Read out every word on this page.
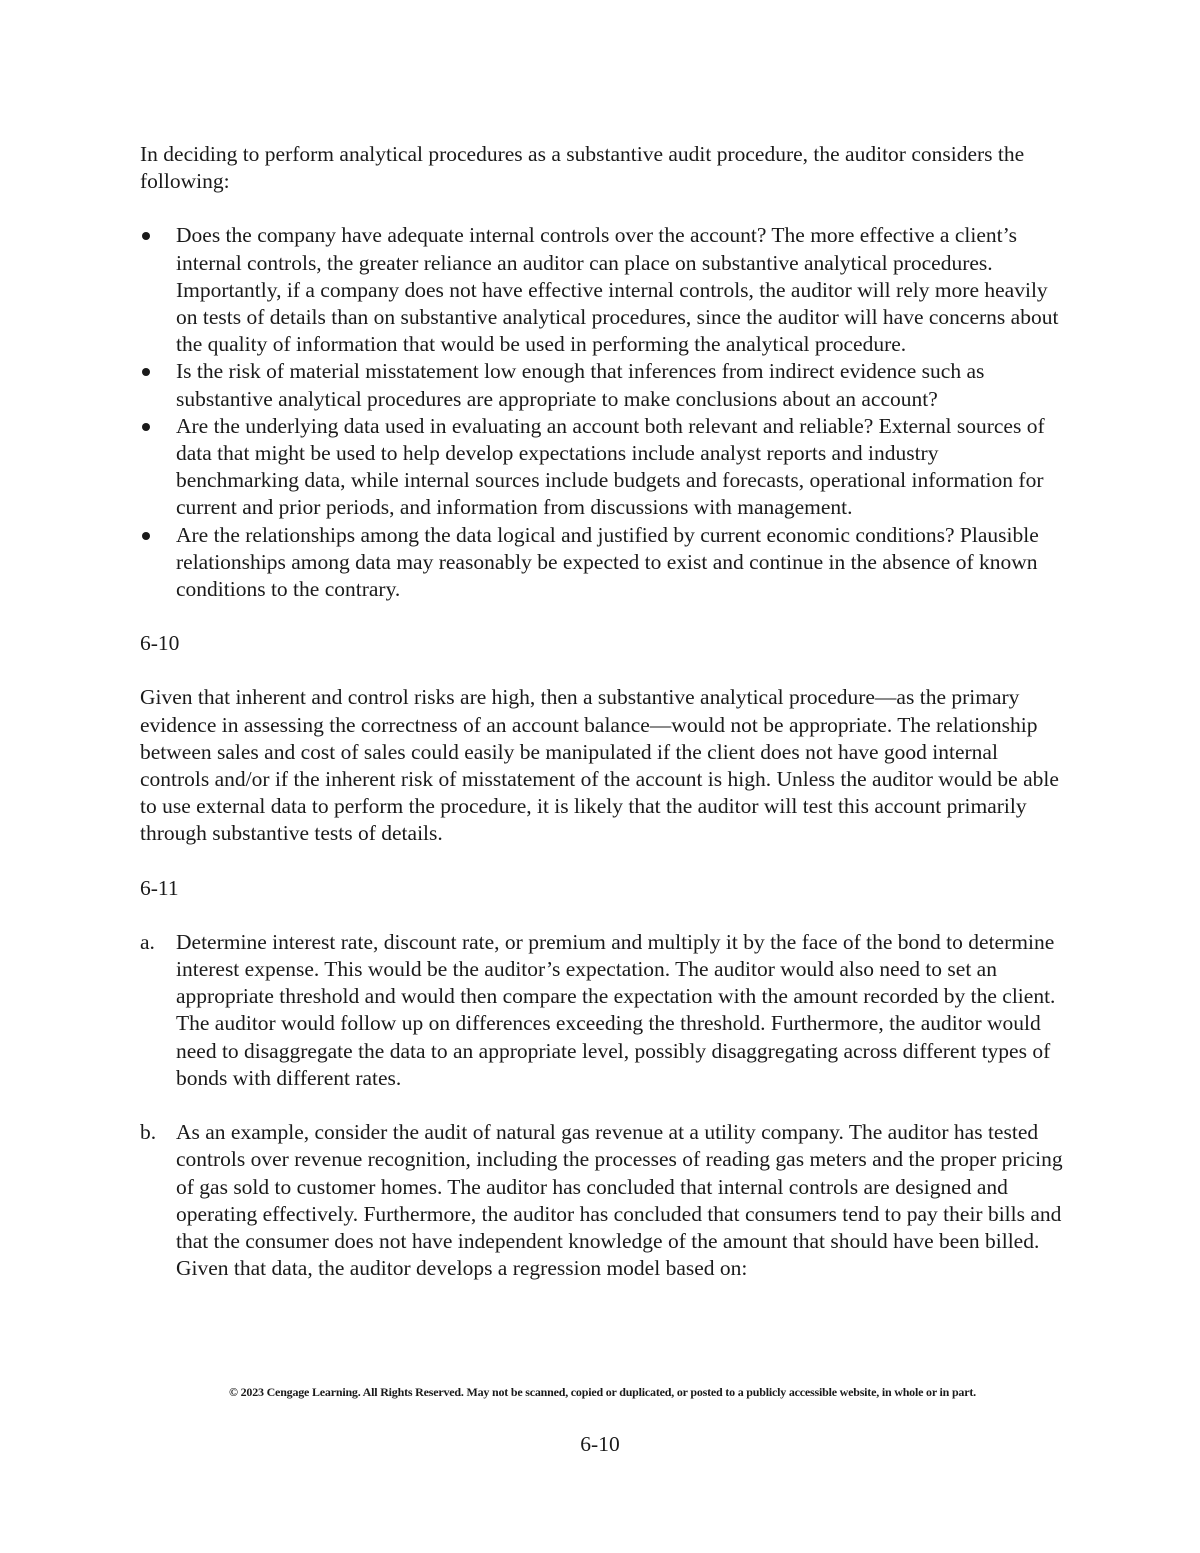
In deciding to perform analytical procedures as a substantive audit procedure, the auditor considers the following:

Does the company have adequate internal controls over the account? The more effective a client’s internal controls, the greater reliance an auditor can place on substantive analytical procedures. Importantly, if a company does not have effective internal controls, the auditor will rely more heavily on tests of details than on substantive analytical procedures, since the auditor will have concerns about the quality of information that would be used in performing the analytical procedure.
Is the risk of material misstatement low enough that inferences from indirect evidence such as substantive analytical procedures are appropriate to make conclusions about an account?
Are the underlying data used in evaluating an account both relevant and reliable? External sources of data that might be used to help develop expectations include analyst reports and industry benchmarking data, while internal sources include budgets and forecasts, operational information for current and prior periods, and information from discussions with management.
Are the relationships among the data logical and justified by current economic conditions? Plausible relationships among data may reasonably be expected to exist and continue in the absence of known conditions to the contrary.

6-10

Given that inherent and control risks are high, then a substantive analytical procedure—as the primary evidence in assessing the correctness of an account balance—would not be appropriate. The relationship between sales and cost of sales could easily be manipulated if the client does not have good internal controls and/or if the inherent risk of misstatement of the account is high. Unless the auditor would be able to use external data to perform the procedure, it is likely that the auditor will test this account primarily through substantive tests of details.

6-11

a. Determine interest rate, discount rate, or premium and multiply it by the face of the bond to determine interest expense. This would be the auditor’s expectation. The auditor would also need to set an appropriate threshold and would then compare the expectation with the amount recorded by the client. The auditor would follow up on differences exceeding the threshold. Furthermore, the auditor would need to disaggregate the data to an appropriate level, possibly disaggregating across different types of bonds with different rates.
b. As an example, consider the audit of natural gas revenue at a utility company. The auditor has tested controls over revenue recognition, including the processes of reading gas meters and the proper pricing of gas sold to customer homes. The auditor has concluded that internal controls are designed and operating effectively. Furthermore, the auditor has concluded that consumers tend to pay their bills and that the consumer does not have independent knowledge of the amount that should have been billed. Given that data, the auditor develops a regression model based on:
© 2023 Cengage Learning. All Rights Reserved. May not be scanned, copied or duplicated, or posted to a publicly accessible website, in whole or in part.
6-10
